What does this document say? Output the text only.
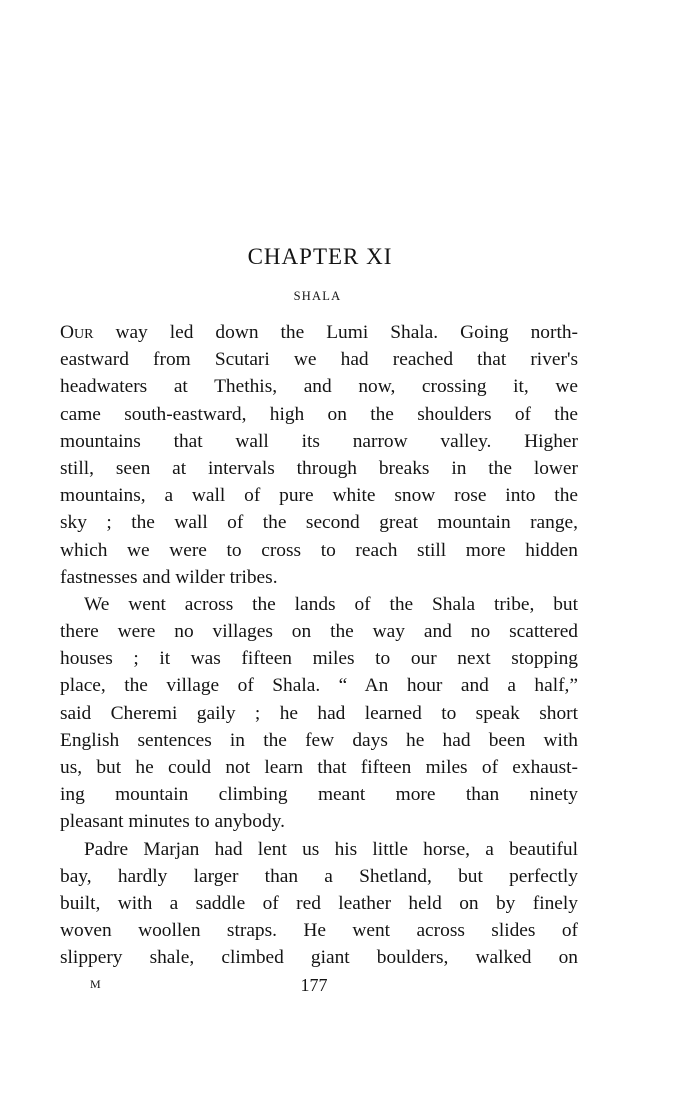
CHAPTER XI
SHALA
Our way led down the Lumi Shala. Going north-
eastward from Scutari we had reached that river's
headwaters at Thethis, and now, crossing it, we
came south-eastward, high on the shoulders of the
mountains that wall its narrow valley. Higher
still, seen at intervals through breaks in the lower
mountains, a wall of pure white snow rose into the
sky ; the wall of the second great mountain range,
which we were to cross to reach still more hidden
fastnesses and wilder tribes.
We went across the lands of the Shala tribe, but
there were no villages on the way and no scattered
houses ; it was fifteen miles to our next stopping
place, the village of Shala. “ An hour and a half,”
said Cheremi gaily ; he had learned to speak short
English sentences in the few days he had been with
us, but he could not learn that fifteen miles of exhaust-
ing mountain climbing meant more than ninety
pleasant minutes to anybody.
Padre Marjan had lent us his little horse, a beautiful
bay, hardly larger than a Shetland, but perfectly
built, with a saddle of red leather held on by finely
woven woollen straps. He went across slides of
slippery shale, climbed giant boulders, walked on
M	177
